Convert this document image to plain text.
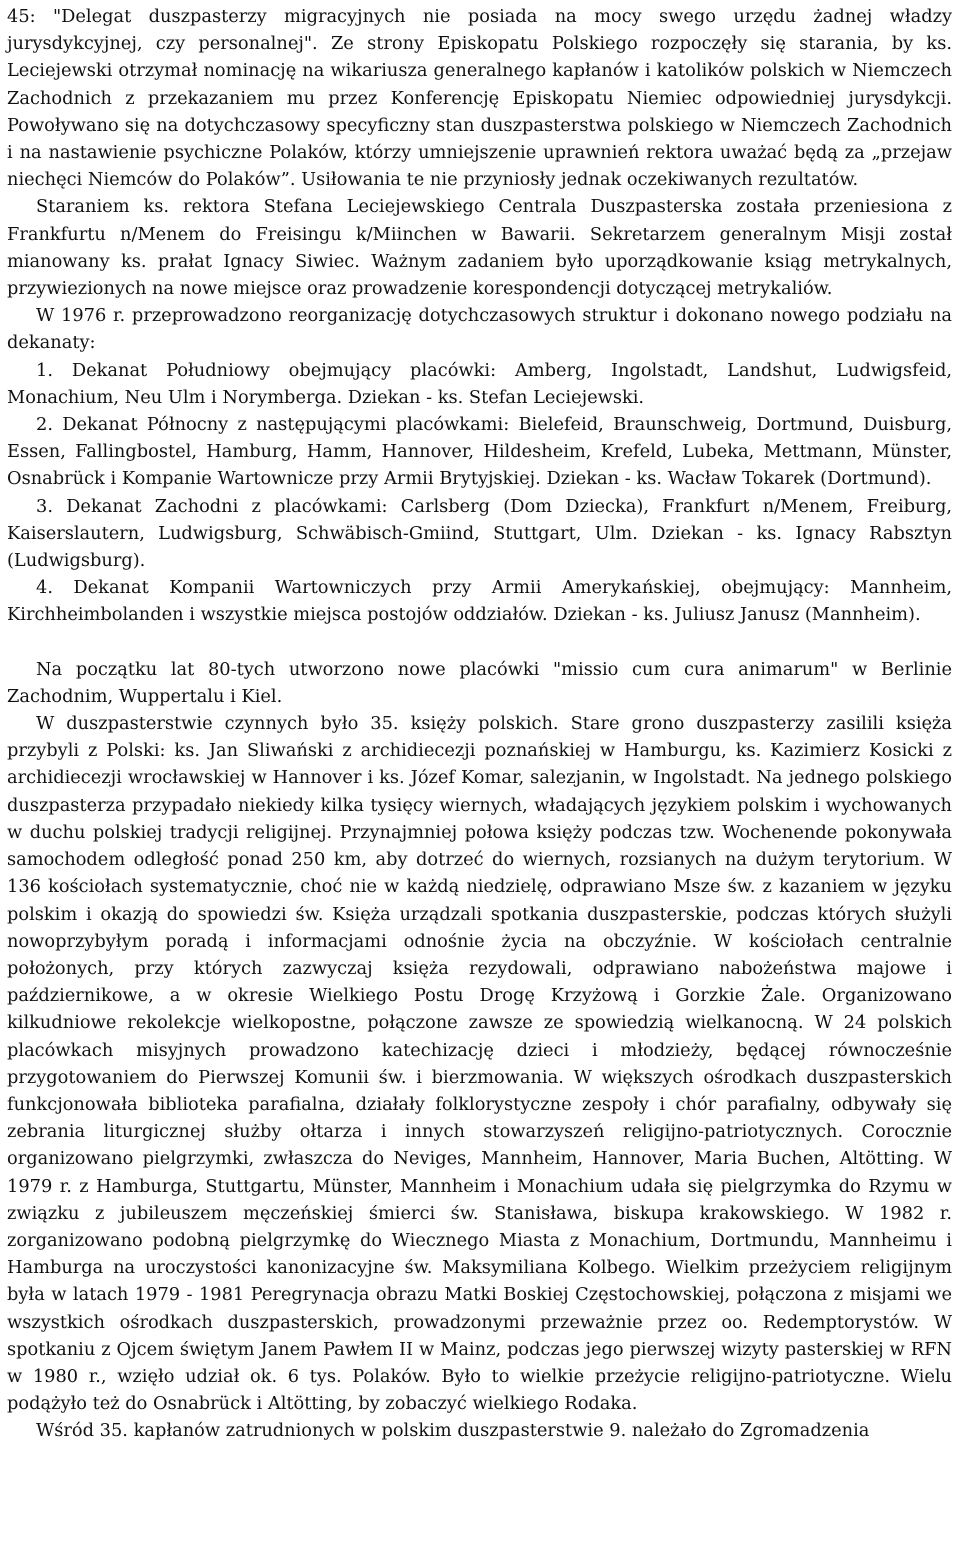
45: "Delegat duszpasterzy migracyjnych nie posiada na mocy swego urzędu żadnej władzy jurysdykcyjnej, czy personalnej". Ze strony Episkopatu Polskiego rozpoczęły się starania, by ks. Leciejewski otrzymał nominację na wikariusza generalnego kapłanów i katolików polskich w Niemczech Zachodnich z przekazaniem mu przez Konferencję Episkopatu Niemiec odpowiedniej jurysdykcji. Powoływano się na dotychczasowy specyficzny stan duszpasterstwa polskiego w Niemczech Zachodnich i na nastawienie psychiczne Polaków, którzy umniejszenie uprawnień rektora uważać będą za „przejaw niechęci Niemców do Polaków”. Usiłowania te nie przyniosły jednak oczekiwanych rezultatów.

Staraniem ks. rektora Stefana Leciejewskiego Centrala Duszpasterska została przeniesiona z Frankfurtu n/Menem do Freisingu k/Miinchen w Bawarii. Sekretarzem generalnym Misji został mianowany ks. prałat Ignacy Siwiec. Ważnym zadaniem było uporządkowanie ksiąg metrykalnych, przywiezionych na nowe miejsce oraz prowadzenie korespondencji dotyczącej metrykaliów.

W 1976 r. przeprowadzono reorganizację dotychczasowych struktur i dokonano nowego podziału na dekanaty:

1. Dekanat Południowy obejmujący placówki: Amberg, Ingolstadt, Landshut, Ludwigsfeid, Monachium, Neu Ulm i Norymberga. Dziekan - ks. Stefan Leciejewski.

2. Dekanat Północny z następującymi placówkami: Bielefeid, Braunschweig, Dortmund, Duisburg, Essen, Fallingbostel, Hamburg, Hamm, Hannover, Hildesheim, Krefeld, Lubeka, Mettmann, Münster, Osnabrück i Kompanie Wartownicze przy Armii Brytyjskiej. Dziekan - ks. Wacław Tokarek (Dortmund).

3. Dekanat Zachodni z placówkami: Carlsberg (Dom Dziecka), Frankfurt n/Menem, Freiburg, Kaiserslautern, Ludwigsburg, Schwäbisch-Gmiind, Stuttgart, Ulm. Dziekan - ks. Ignacy Rabsztyn (Ludwigsburg).

4. Dekanat Kompanii Wartowniczych przy Armii Amerykańskiej, obejmujący: Mannheim, Kirchheimbolanden i wszystkie miejsca postojów oddziałów. Dziekan - ks. Juliusz Janusz (Mannheim).

Na początku lat 80-tych utworzono nowe placówki "missio cum cura animarum" w Berlinie Zachodnim, Wuppertalu i Kiel.

W duszpasterstwie czynnych było 35. księży polskich. Stare grono duszpasterzy zasilili księża przybyli z Polski: ks. Jan Sliwański z archidiecezji poznańskiej w Hamburgu, ks. Kazimierz Kosicki z archidiecezji wrocławskiej w Hannover i ks. Józef Komar, salezjanin, w Ingolstadt. Na jednego polskiego duszpasterza przypadało niekiedy kilka tysięcy wiernych, władających językiem polskim i wychowanych w duchu polskiej tradycji religijnej. Przynajmniej połowa księży podczas tzw. Wochenende pokonywała samochodem odległość ponad 250 km, aby dotrzeć do wiernych, rozsianych na dużym terytorium. W 136 kościołach systematycznie, choć nie w każdą niedzielę, odprawiano Msze św. z kazaniem w języku polskim i okazją do spowiedzi św. Księża urządzali spotkania duszpasterskie, podczas których służyli nowoprzybyłym poradą i informacjami odnośnie życia na obczyźnie. W kościołach centralnie położonych, przy których zazwyczaj księża rezydowali, odprawiano nabożeństwa majowe i październikowe, a w okresie Wielkiego Postu Drogę Krzyżową i Gorzkie Żale. Organizowano kilkudniowe rekolekcje wielkopostne, połączone zawsze ze spowiedzią wielkanocną. W 24 polskich placówkach misyjnych prowadzono katechizację dzieci i młodzieży, będącej równocześnie przygotowaniem do Pierwszej Komunii św. i bierzmowania. W większych ośrodkach duszpasterskich funkcjonowała biblioteka parafialna, działały folklorystyczne zespoły i chór parafialny, odbywały się zebrania liturgicznej służby ołtarza i innych stowarzyszeń religijno-patriotycznych. Corocznie organizowano pielgrzymki, zwłaszcza do Neviges, Mannheim, Hannover, Maria Buchen, Altötting. W 1979 r. z Hamburga, Stuttgartu, Münster, Mannheim i Monachium udała się pielgrzymka do Rzymu w związku z jubileuszem męczeńskiej śmierci św. Stanisława, biskupa krakowskiego. W 1982 r. zorganizowano podobną pielgrzymkę do Wiecznego Miasta z Monachium, Dortmundu, Mannheimu i Hamburga na uroczystości kanonizacyjne św. Maksymiliana Kolbego. Wielkim przeżyciem religijnym była w latach 1979 - 1981 Peregrynacja obrazu Matki Boskiej Częstochowskiej, połączona z misjami we wszystkich ośrodkach duszpasterskich, prowadzonymi przeważnie przez oo. Redemptorystów. W spotkaniu z Ojcem świętym Janem Pawłem II w Mainz, podczas jego pierwszej wizyty pasterskiej w RFN w 1980 r., wzięło udział ok. 6 tys. Polaków. Było to wielkie przeżycie religijno-patriotyczne. Wielu podążyło też do Osnabrück i Altötting, by zobaczyć wielkiego Rodaka.

Wśród 35. kapłanów zatrudnionych w polskim duszpasterstwie 9. należało do Zgromadzenia
